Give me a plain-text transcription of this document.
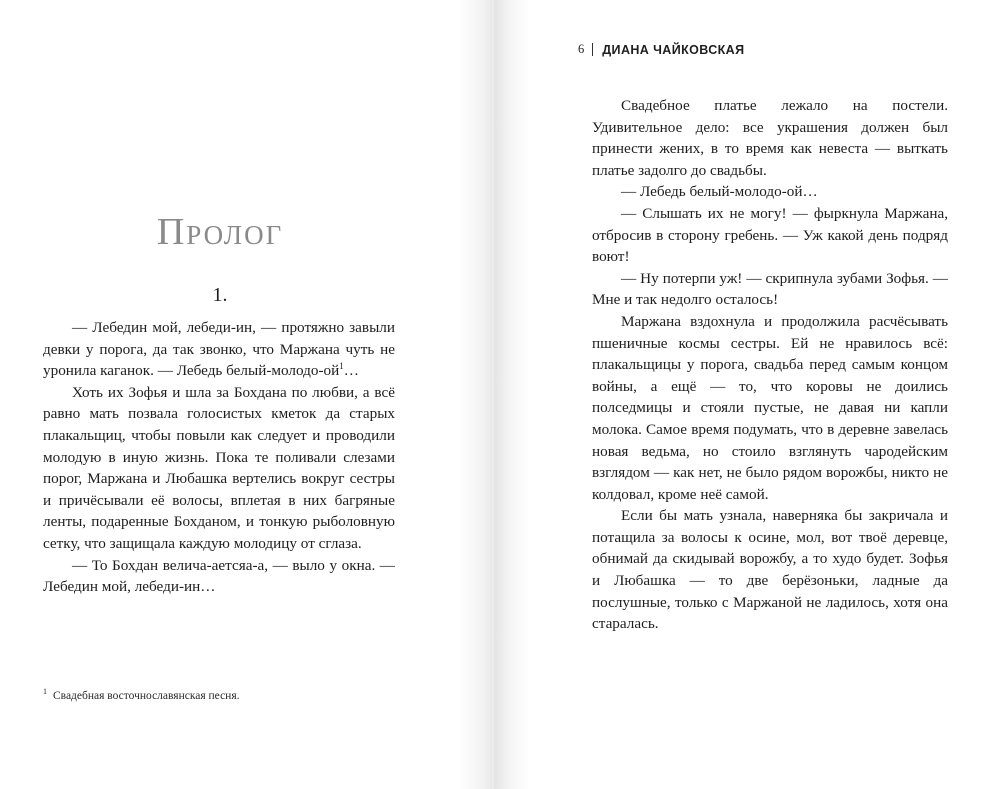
Пролог
1.

— Лебедин мой, лебеди-ин, — протяжно завыли девки у порога, да так звонко, что Маржана чуть не уронила каганок. — Лебедь белый-молодо-ой$^1$…

Хоть их Зофья и шла за Бохдана по любви, а всё равно мать позвала голосистых кметок да старых плакальщиц, чтобы повыли как следует и проводили молодую в иную жизнь. Пока те поливали слезами порог, Маржана и Любашка вертелись вокруг сестры и причёсывали её волосы, вплетая в них багряные ленты, подаренные Бохданом, и тонкую рыболовную сетку, что защищала каждую молодицу от сглаза.

— То Бохдан велича-аетсяа-а, — выло у окна. — Лебедин мой, лебеди-ин…

$^1$ Свадебная восточнославянская песня.
6 ДИАНА ЧАЙКОВСКАЯ

Свадебное платье лежало на постели. Удивительное дело: все украшения должен был принести жених, в то время как невеста — выткать платье задолго до свадьбы.

— Лебедь белый-молодо-ой…

— Слышать их не могу! — фыркнула Маржана, отбросив в сторону гребень. — Уж какой день подряд воют!

— Ну потерпи уж! — скрипнула зубами Зофья. — Мне и так недолго осталось!

Маржана вздохнула и продолжила расчёсывать пшеничные космы сестры. Ей не нравилось всё: плакальщицы у порога, свадьба перед самым концом войны, а ещё — то, что коровы не доились полседмицы и стояли пустые, не давая ни капли молока. Самое время подумать, что в деревне завелась новая ведьма, но стоило взглянуть чародейским взглядом — как нет, не было рядом ворожбы, никто не колдовал, кроме неё самой.

Если бы мать узнала, наверняка бы закричала и потащила за волосы к осине, мол, вот твоё деревце, обнимай да скидывай ворожбу, а то худо будет. Зофья и Любашка — то две берёзоньки, ладные да послушные, только с Маржаной не ладилось, хотя она старалась.
